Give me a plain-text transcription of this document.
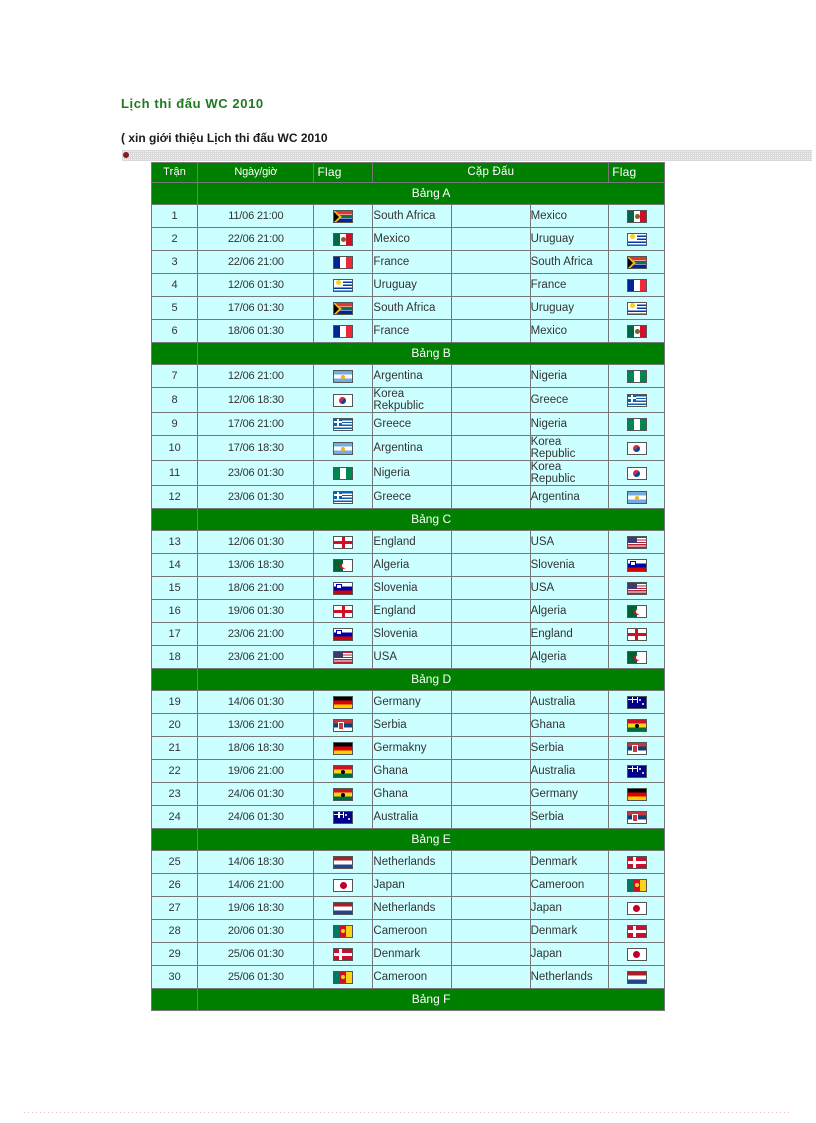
Lịch thi đấu WC 2010
( xin giới thiệu Lịch thi đấu WC 2010
Trận	Ngày/giờ	Flag	Cặp Đấu			Flag
	Bảng A					
1	11/06 21:00		South Africa		Mexico	

2	22/06 21:00		Mexico		Uruguay	

3	22/06 21:00		France		South Africa	

4	12/06 01:30		Uruguay		France	
5	17/06 01:30		South Africa		Uruguay	

6	18/06 01:30		France		Mexico	

	Bảng B					
7	12/06 21:00		Argentina		Nigeria	
8	12/06 18:30		Korea Rekpublic		Greece	

9	17/06 21:00		Greece		Nigeria	
10	17/06 18:30		Argentina		Korea Republic	

11	23/06 01:30		Nigeria		Korea Republic	

12	23/06 01:30		Greece		Argentina	

	Bảng C					
13	12/06 01:30		England		USA	

14	13/06 18:30		Algeria		Slovenia	

15	18/06 21:00		Slovenia		USA	

16	19/06 01:30		England		Algeria	

17	23/06 21:00		Slovenia		England	

18	23/06 21:00		USA		Algeria	

	Bảng D					
19	14/06 01:30		Germany		Australia	

20	13/06 21:00		Serbia		Ghana	

21	18/06 18:30		Germakny		Serbia	

22	19/06 21:00		Ghana		Australia	

23	24/06 01:30		Ghana		Germany	
24	24/06 01:30		Australia		Serbia	

	Bảng E					
25	14/06 18:30		Netherlands		Denmark	

26	14/06 21:00		Japan		Cameroon	

27	19/06 18:30		Netherlands		Japan	

28	20/06 01:30		Cameroon		Denmark	

29	25/06 01:30		Denmark		Japan	

30	25/06 01:30		Cameroon		Netherlands	
	Bảng F					
